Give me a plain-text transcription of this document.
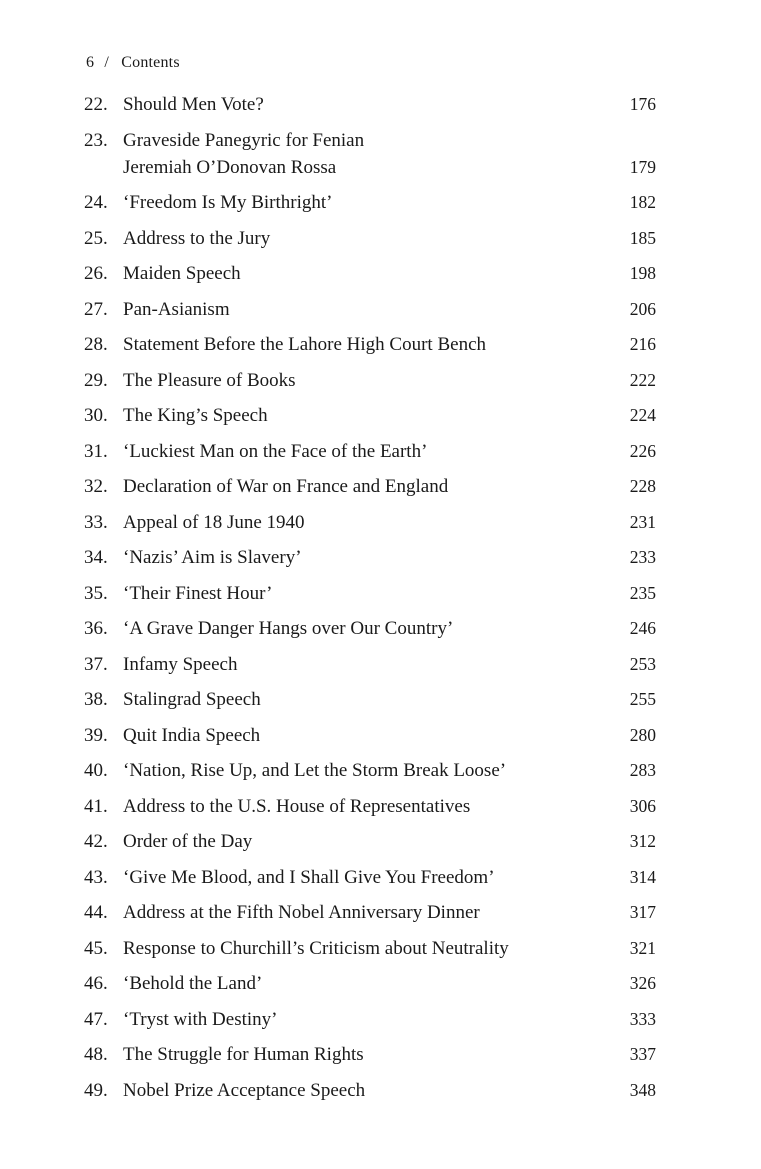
6 / Contents
22. Should Men Vote?	176
23. Graveside Panegyric for Fenian
Jeremiah O’Donovan Rossa	179
24. ‘Freedom Is My Birthright’	182
25. Address to the Jury	185
26. Maiden Speech	198
27. Pan-Asianism	206
28. Statement Before the Lahore High Court Bench	216
29. The Pleasure of Books	222
30. The King’s Speech	224
31. ‘Luckiest Man on the Face of the Earth’	226
32. Declaration of War on France and England	228
33. Appeal of 18 June 1940	231
34. ‘Nazis’ Aim is Slavery’	233
35. ‘Their Finest Hour’	235
36. ‘A Grave Danger Hangs over Our Country’	246
37. Infamy Speech	253
38. Stalingrad Speech	255
39. Quit India Speech	280
40. ‘Nation, Rise Up, and Let the Storm Break Loose’	283
41. Address to the U.S. House of Representatives	306
42. Order of the Day	312
43. ‘Give Me Blood, and I Shall Give You Freedom’	314
44. Address at the Fifth Nobel Anniversary Dinner	317
45. Response to Churchill’s Criticism about Neutrality	321
46. ‘Behold the Land’	326
47. ‘Tryst with Destiny’	333
48. The Struggle for Human Rights	337
49. Nobel Prize Acceptance Speech	348
